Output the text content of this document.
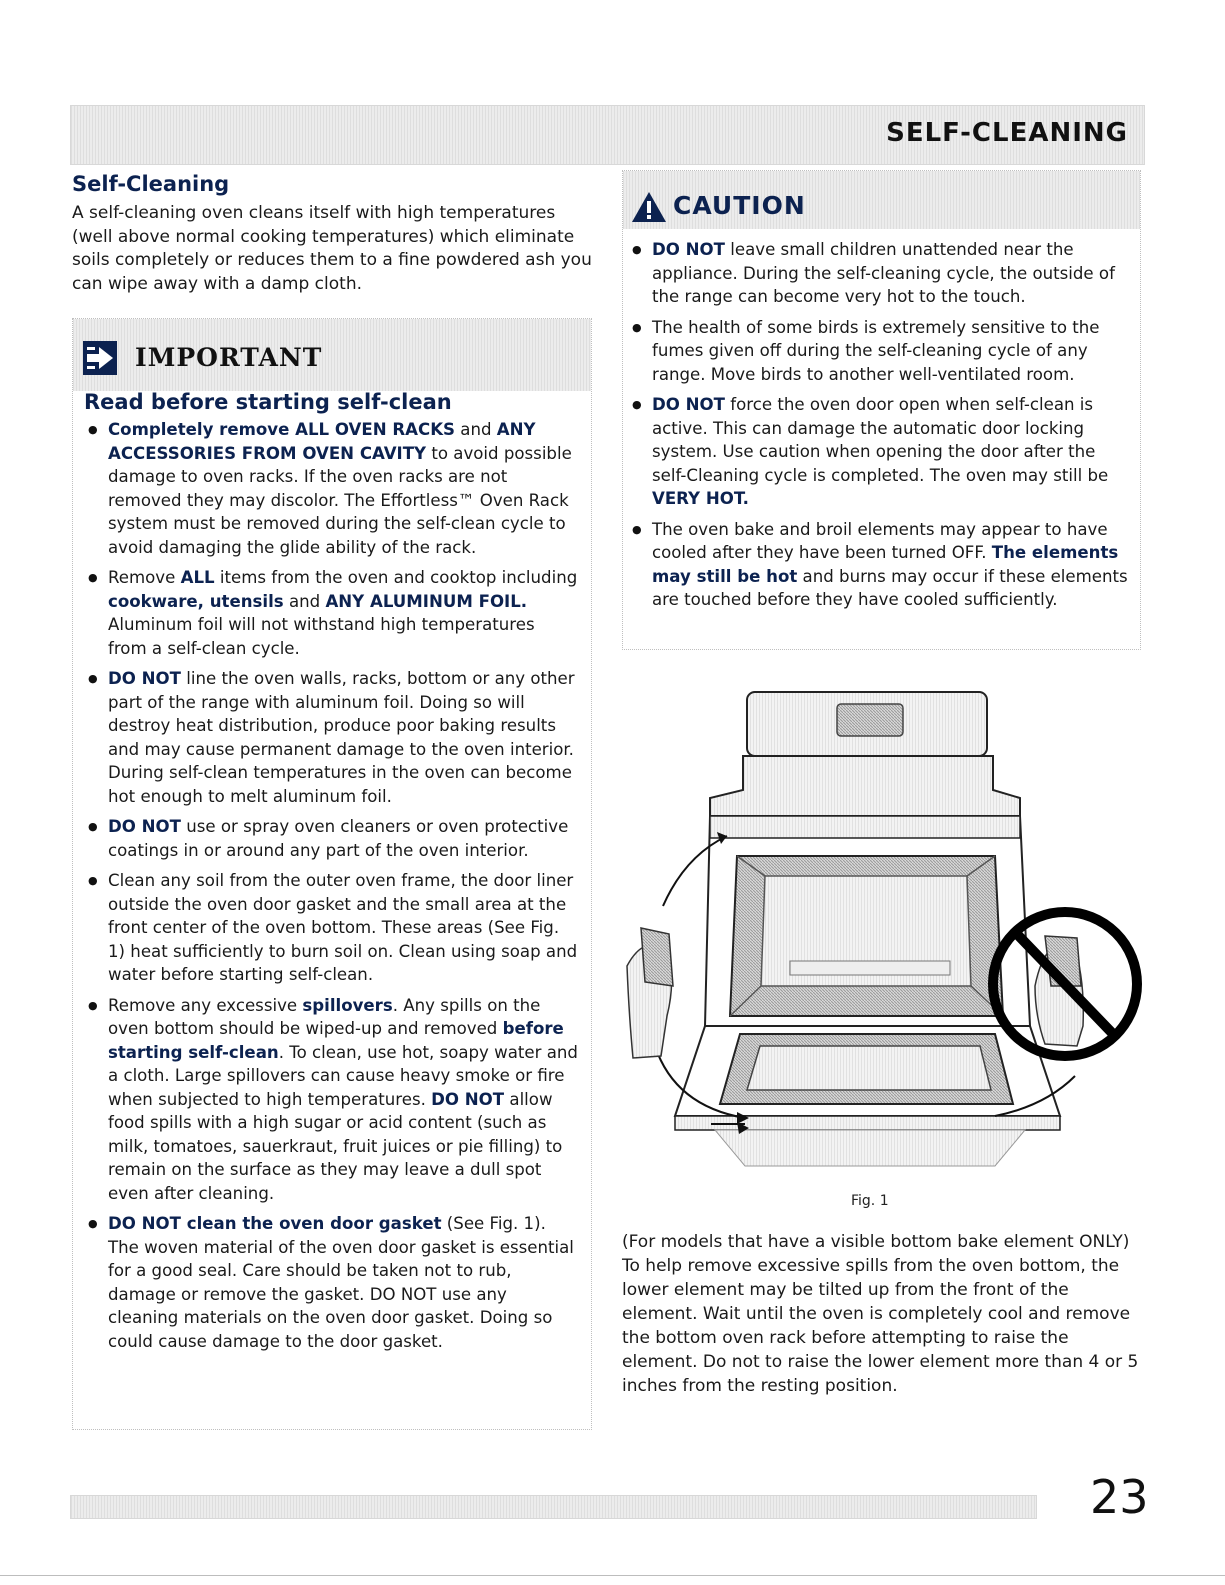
SELF-CLEANING
Self-Cleaning
A self-cleaning oven cleans itself with high temperatures (well above normal cooking temperatures) which eliminate soils completely or reduces them to a fine powdered ash you can wipe away with a damp cloth.
IMPORTANT
Read before starting self-clean
● Completely remove ALL OVEN RACKS and ANY ACCESSORIES FROM OVEN CAVITY to avoid possible damage to oven racks. If the oven racks are not removed they may discolor. The Effortless™ Oven Rack system must be removed during the self-clean cycle to avoid damaging the glide ability of the rack.
● Remove ALL items from the oven and cooktop including cookware, utensils and ANY ALUMINUM FOIL. Aluminum foil will not withstand high temperatures from a self-clean cycle.
● DO NOT line the oven walls, racks, bottom or any other part of the range with aluminum foil. Doing so will destroy heat distribution, produce poor baking results and may cause permanent damage to the oven interior. During self-clean temperatures in the oven can become hot enough to melt aluminum foil.
● DO NOT use or spray oven cleaners or oven protective coatings in or around any part of the oven interior.
● Clean any soil from the outer oven frame, the door liner outside the oven door gasket and the small area at the front center of the oven bottom. These areas (See Fig. 1) heat sufficiently to burn soil on. Clean using soap and water before starting self-clean.
● Remove any excessive spillovers. Any spills on the oven bottom should be wiped-up and removed before starting self-clean. To clean, use hot, soapy water and a cloth. Large spillovers can cause heavy smoke or fire when subjected to high temperatures. DO NOT allow food spills with a high sugar or acid content (such as milk, tomatoes, sauerkraut, fruit juices or pie filling) to remain on the surface as they may leave a dull spot even after cleaning.
● DO NOT clean the oven door gasket (See Fig. 1). The woven material of the oven door gasket is essential for a good seal. Care should be taken not to rub, damage or remove the gasket. DO NOT use any cleaning materials on the oven door gasket. Doing so could cause damage to the door gasket.
CAUTION
● DO NOT leave small children unattended near the appliance. During the self-cleaning cycle, the outside of the range can become very hot to the touch.
● The health of some birds is extremely sensitive to the fumes given off during the self-cleaning cycle of any range. Move birds to another well-ventilated room.
● DO NOT force the oven door open when self-clean is active. This can damage the automatic door locking system. Use caution when opening the door after the self-Cleaning cycle is completed. The oven may still be VERY HOT.
● The oven bake and broil elements may appear to have cooled after they have been turned OFF. The elements may still be hot and burns may occur if these elements are touched before they have cooled sufficiently.
Fig. 1
(For models that have a visible bottom bake element ONLY) To help remove excessive spills from the oven bottom, the lower element may be tilted up from the front of the element. Wait until the oven is completely cool and remove the bottom oven rack before attempting to raise the element. Do not to raise the lower element more than 4 or 5 inches from the resting position.
23
